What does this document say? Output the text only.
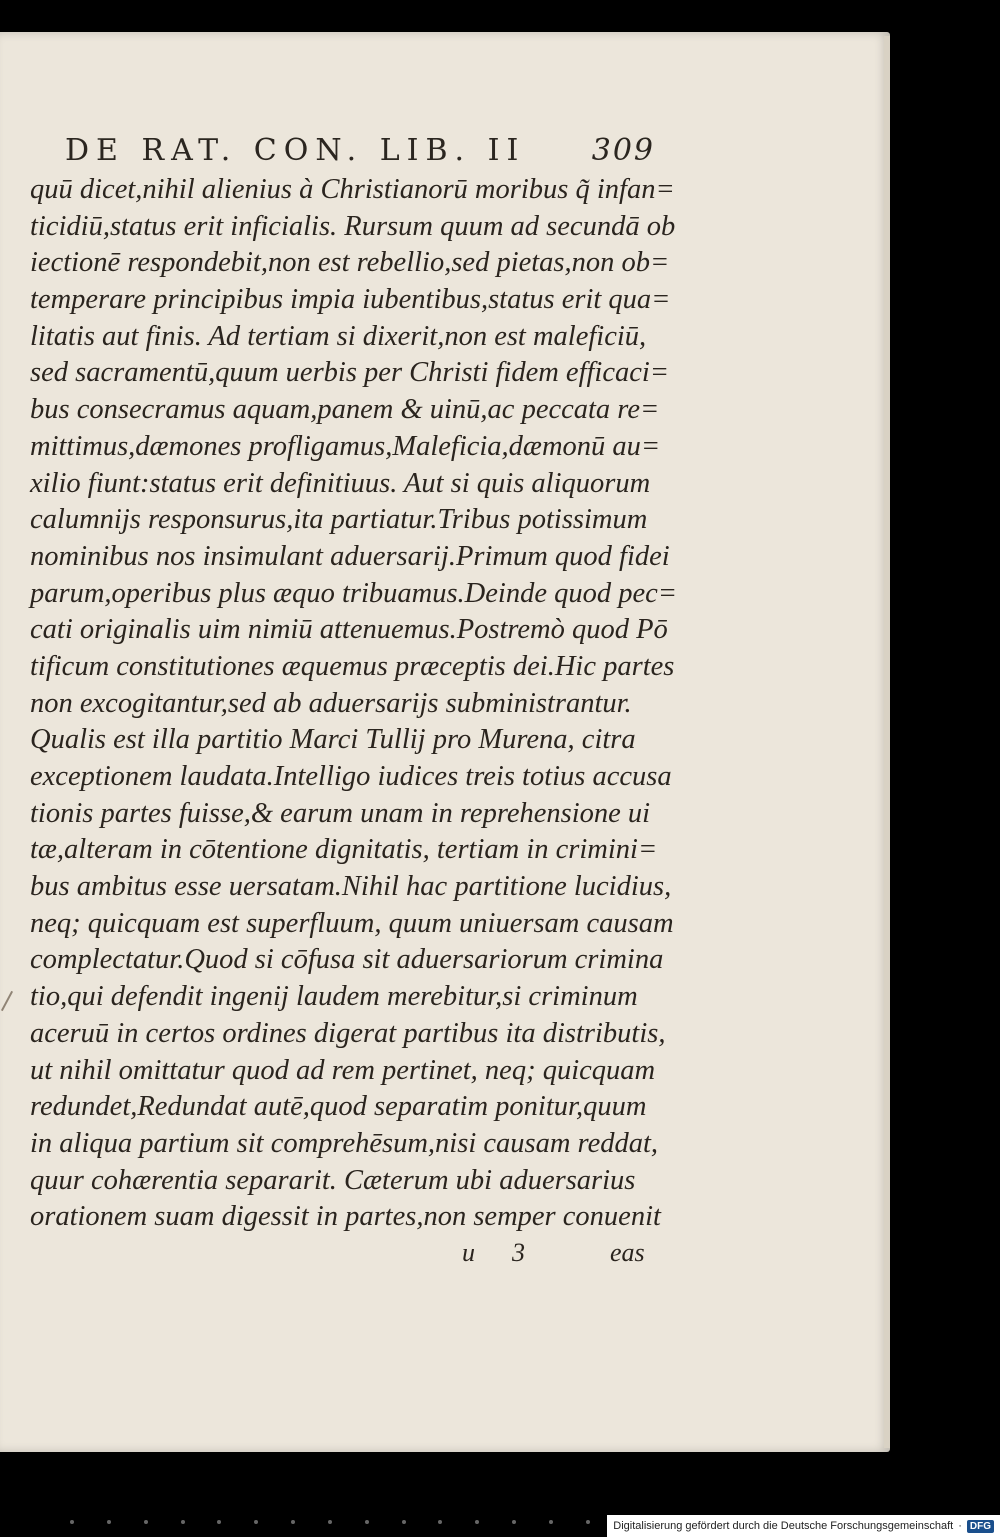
DE RAT. CON. LIB. II 309
quū dicet,nihil alienius à Christianorū moribus q̃ infan=
ticidiū,status erit inficialis. Rursum quum ad secundā ob
iectionē respondebit,non est rebellio,sed pietas,non ob=
temperare principibus impia iubentibus,status erit qua=
litatis aut finis. Ad tertiam si dixerit,non est maleficiū,
sed sacramentū,quum uerbis per Christi fidem efficaci=
bus consecramus aquam,panem & uinū,ac peccata re=
mittimus,dæmones profligamus,Maleficia,dæmonū au=
xilio fiunt:status erit definitiuus. Aut si quis aliquorum
calumnijs responsurus,ita partiatur.Tribus potissimum
nominibus nos insimulant aduersarij.Primum quod fidei
parum,operibus plus æquo tribuamus.Deinde quod pec=
cati originalis uim nimiū attenuemus.Postremò quod Pō
tificum constitutiones æquemus præceptis dei.Hic partes
non excogitantur,sed ab aduersarijs subministrantur.
Qualis est illa partitio Marci Tullij pro Murena, citra
exceptionem laudata.Intelligo iudices treis totius accusa
tionis partes fuisse,& earum unam in reprehensione ui
tæ,alteram in cōtentione dignitatis, tertiam in crimini=
bus ambitus esse uersatam.Nihil hac partitione lucidius,
neq; quicquam est superfluum, quum uniuersam causam
complectatur.Quod si cōfusa sit aduersariorum crimina
tio,qui defendit ingenij laudem merebitur,si criminum
aceruū in certos ordines digerat partibus ita distributis,
ut nihil omittatur quod ad rem pertinet, neq; quicquam
redundet,Redundat autē,quod separatim ponitur,quum
in aliqua partium sit comprehēsum,nisi causam reddat,
quur cohærentia separarit. Cæterum ubi aduersarius
orationem suam digessit in partes,non semper conuenit
u 3	eas
Digitalisierung gefördert durch die Deutsche Forschungsgemeinschaft · DFG
